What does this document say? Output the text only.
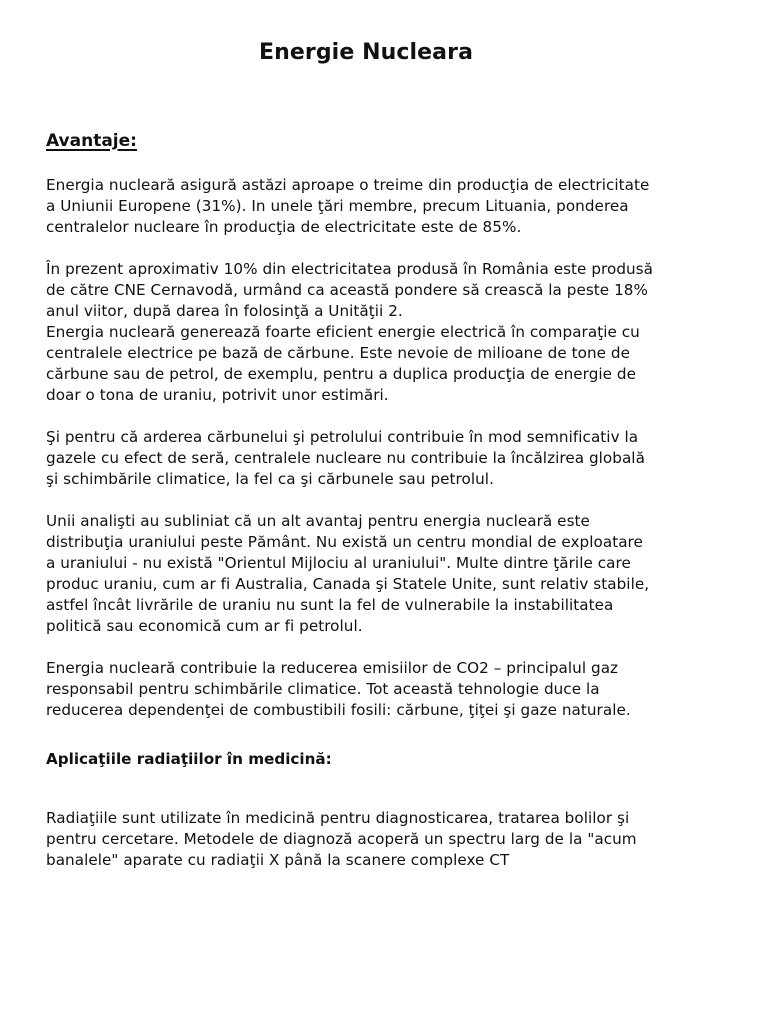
Energie Nucleara
Avantaje:

Energia nucleară asigură astăzi aproape o treime din producţia de electricitate a Uniunii Europene (31%). In unele ţări membre, precum Lituania, ponderea centralelor nucleare în producţia de electricitate este de 85%.

În prezent aproximativ 10% din electricitatea produsă în România este produsă de către CNE Cernavodă, urmând ca această pondere să crească la peste 18% anul viitor, după darea în folosinţă a Unităţii 2.

Energia nucleară generează foarte eficient energie electrică în comparaţie cu centralele electrice pe bază de cărbune. Este nevoie de milioane de tone de cărbune sau de petrol, de exemplu, pentru a duplica producţia de energie de doar o tona de uraniu, potrivit unor estimări.

Şi pentru că arderea cărbunelui şi petrolului contribuie în mod semnificativ la gazele cu efect de seră, centralele nucleare nu contribuie la încălzirea globală şi schimbările climatice, la fel ca şi cărbunele sau petrolul.

Unii analişti au subliniat că un alt avantaj pentru energia nucleară este distribuţia uraniului peste Pământ. Nu există un centru mondial de exploatare a uraniului - nu există "Orientul Mijlociu al uraniului". Multe dintre ţările care produc uraniu, cum ar fi Australia, Canada şi Statele Unite, sunt relativ stabile, astfel încât livrările de uraniu nu sunt la fel de vulnerabile la instabilitatea politică sau economică cum ar fi petrolul.

Energia nucleară contribuie la reducerea emisiilor de CO2 – principalul gaz responsabil pentru schimbările climatice. Tot această tehnologie duce la reducerea dependenţei de combustibili fosili: cărbune, ţiţei şi gaze naturale.

Aplicaţiile radiaţiilor în medicină:

Radiaţiile sunt utilizate în medicină pentru diagnosticarea, tratarea bolilor şi pentru cercetare. Metodele de diagnoză acoperă un spectru larg de la "acum banalele" aparate cu radiaţii X până la scanere complexe CT
